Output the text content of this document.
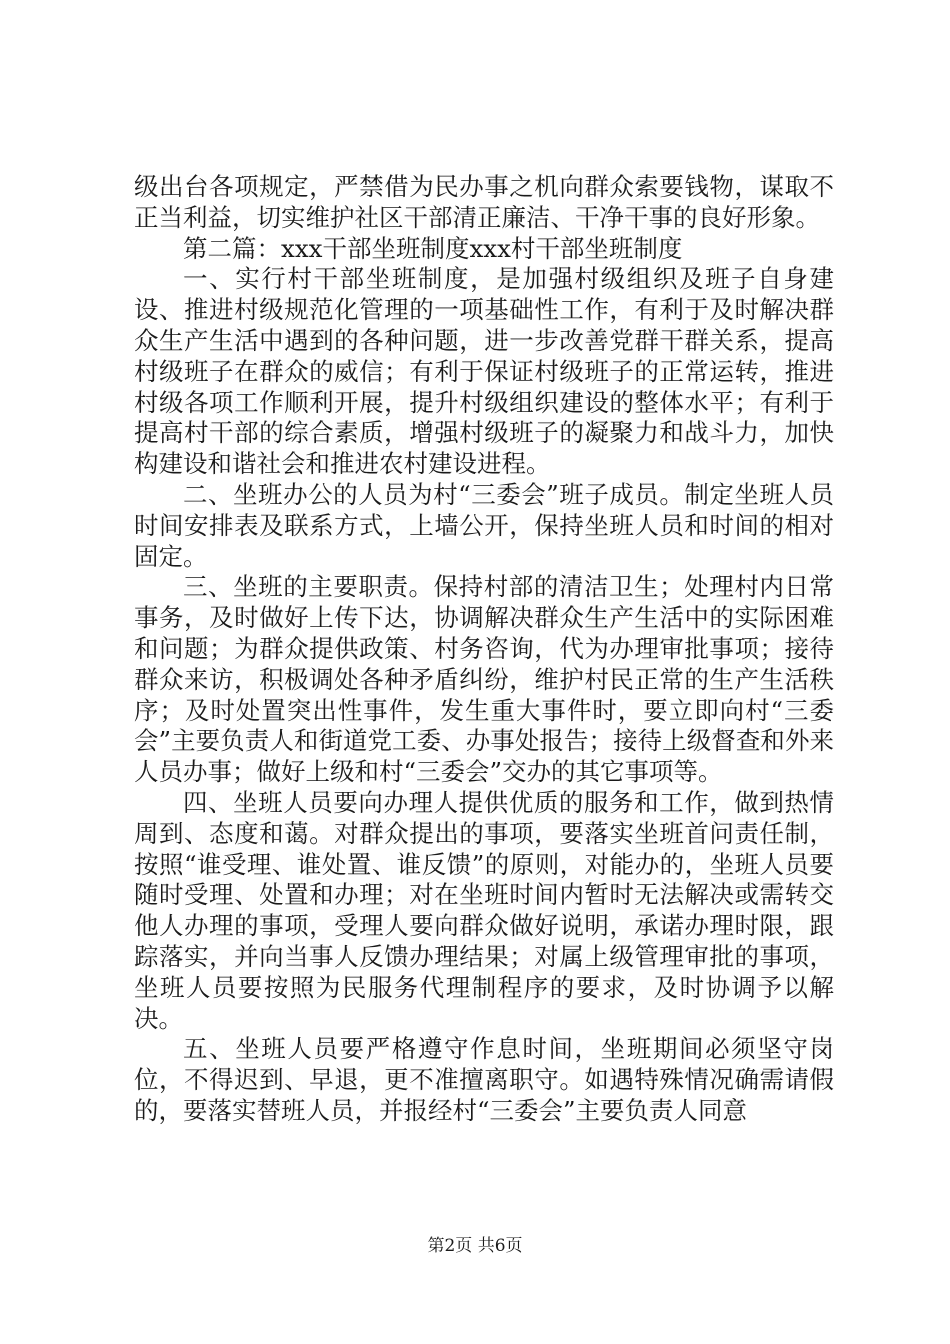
级出台各项规定，严禁借为民办事之机向群众索要钱物，谋取不正当利益，切实维护社区干部清正廉洁、干净干事的良好形象。

第二篇：xxx干部坐班制度xxx村干部坐班制度

一、实行村干部坐班制度，是加强村级组织及班子自身建设、推进村级规范化管理的一项基础性工作，有利于及时解决群众生产生活中遇到的各种问题，进一步改善党群干群关系，提高村级班子在群众的威信；有利于保证村级班子的正常运转，推进村级各项工作顺利开展，提升村级组织建设的整体水平；有利于提高村干部的综合素质，增强村级班子的凝聚力和战斗力，加快构建设和谐社会和推进农村建设进程。

二、坐班办公的人员为村“三委会”班子成员。制定坐班人员时间安排表及联系方式，上墙公开，保持坐班人员和时间的相对固定。

三、坐班的主要职责。保持村部的清洁卫生；处理村内日常事务，及时做好上传下达，协调解决群众生产生活中的实际困难和问题；为群众提供政策、村务咨询，代为办理审批事项；接待群众来访，积极调处各种矛盾纠纷，维护村民正常的生产生活秩序；及时处置突出性事件，发生重大事件时，要立即向村“三委会”主要负责人和街道党工委、办事处报告；接待上级督查和外来人员办事；做好上级和村“三委会”交办的其它事项等。

四、坐班人员要向办理人提供优质的服务和工作，做到热情周到、态度和蔼。对群众提出的事项，要落实坐班首问责任制，按照“谁受理、谁处置、谁反馈”的原则，对能办的，坐班人员要随时受理、处置和办理；对在坐班时间内暂时无法解决或需转交他人办理的事项，受理人要向群众做好说明，承诺办理时限，跟踪落实，并向当事人反馈办理结果；对属上级管理审批的事项，坐班人员要按照为民服务代理制程序的要求，及时协调予以解决。

五、坐班人员要严格遵守作息时间，坐班期间必须坚守岗位，不得迟到、早退，更不准擅离职守。如遇特殊情况确需请假的，要落实替班人员，并报经村“三委会”主要负责人同意

第2页 共6页
